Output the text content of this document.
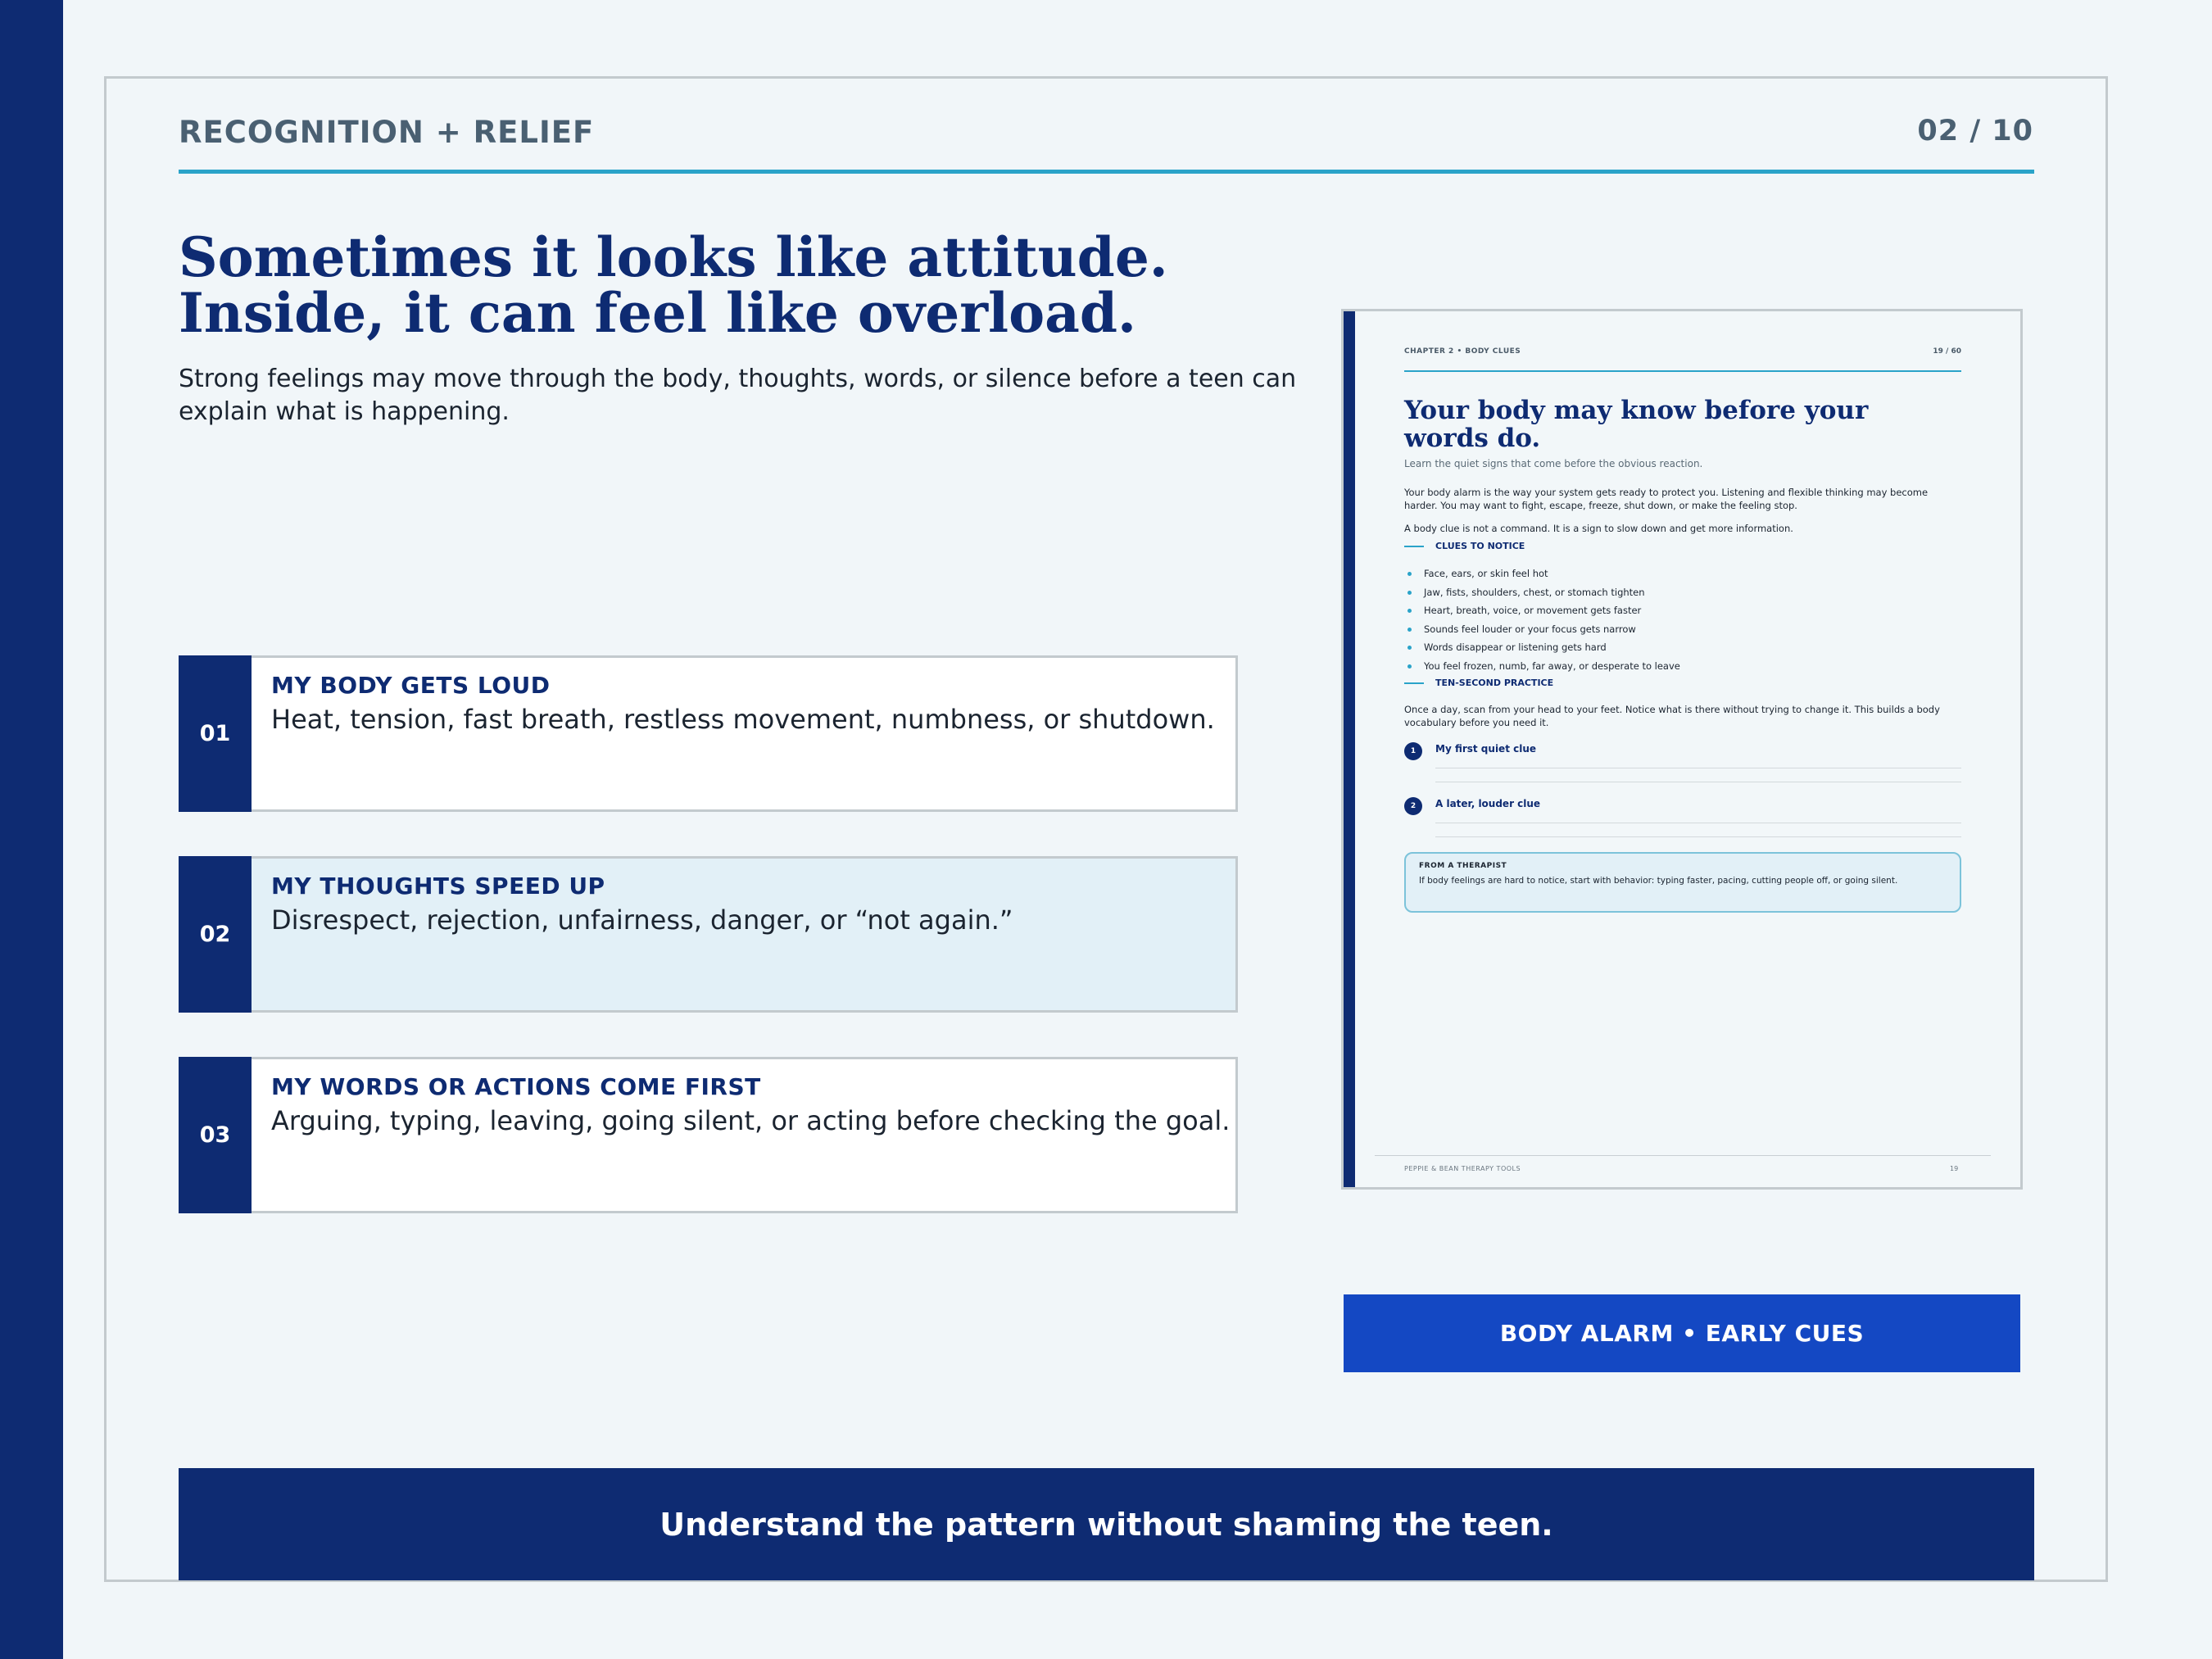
RECOGNITION + RELIEF	02 / 10
Sometimes it looks like attitude.
Inside, it can feel like overload.
Strong feelings may move through the body, thoughts, words, or silence before a teen can explain what is happening.
01
MY BODY GETS LOUD
Heat, tension, fast breath, restless movement, numbness, or shutdown.
02
MY THOUGHTS SPEED UP
Disrespect, rejection, unfairness, danger, or “not again.”
03
MY WORDS OR ACTIONS COME FIRST
Arguing, typing, leaving, going silent, or acting before checking the goal.
CHAPTER 2 • BODY CLUES	19 / 60
Your body may know before your
words do.
Learn the quiet signs that come before the obvious reaction.
Your body alarm is the way your system gets ready to protect you. Listening and flexible thinking may become harder. You may want to fight, escape, freeze, shut down, or make the feeling stop.
A body clue is not a command. It is a sign to slow down and get more information.
CLUES TO NOTICE
Face, ears, or skin feel hot
Jaw, fists, shoulders, chest, or stomach tighten
Heart, breath, voice, or movement gets faster
Sounds feel louder or your focus gets narrow
Words disappear or listening gets hard
You feel frozen, numb, far away, or desperate to leave
TEN-SECOND PRACTICE
Once a day, scan from your head to your feet. Notice what is there without trying to change it. This builds a body vocabulary before you need it.
1	My first quiet clue
2	A later, louder clue
FROM A THERAPIST
If body feelings are hard to notice, start with behavior: typing faster, pacing, cutting people off, or going silent.
PEPPIE & BEAN THERAPY TOOLS	19
BODY ALARM • EARLY CUES
Understand the pattern without shaming the teen.
